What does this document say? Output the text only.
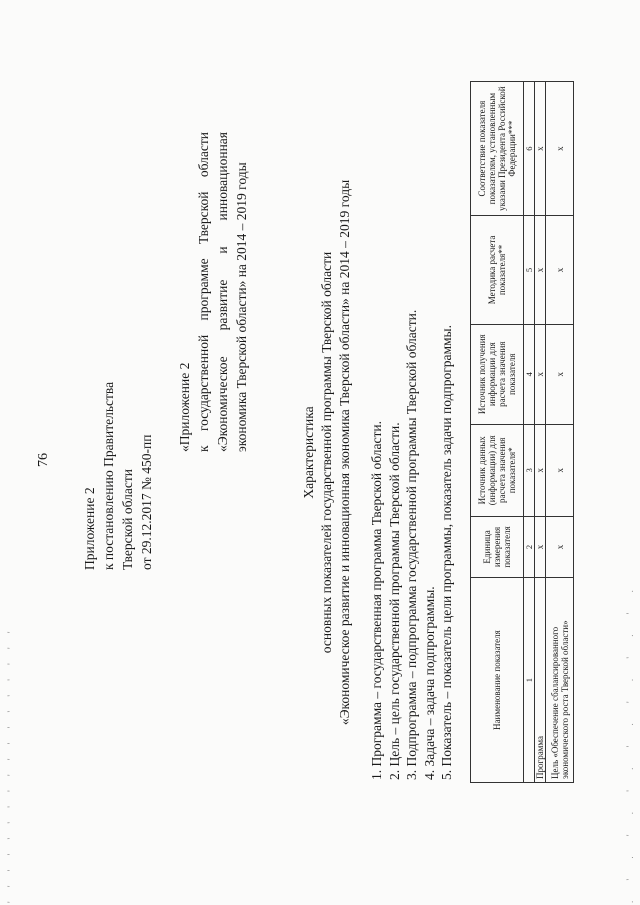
' ' ' ' ' ' ' ' ' ' ' ' ' ' ' ' ' '	. ' . ' . ' . ' . ' . ' . ' .
76
Приложение 2 к постановлению Правительства Тверской области от 29.12.2017 № 450-пп
«Приложение 2 к государственной программе Тверской области «Экономическое развитие и инновационная экономика Тверской области» на 2014 – 2019 годы
Характеристика основных показателей государственной программы Тверской области «Экономическое развитие и инновационная экономика Тверской области» на 2014 – 2019 годы 1. Программа – государственная программа Тверской области. 2. Цель – цель государственной программы Тверской области. 3. Подпрограмма – подпрограмма государственной программы Тверской области. 4. Задача – задача подпрограммы. 5. Показатель – показатель цели программы, показатель задачи подпрограммы.	Наименование показателя	Единица измерения показателя	Источник данных (информации) для расчета значения показателя*	Источник получения информации для расчета значения показателя	Методика расчета показателя**	Соответствие показателя показателям, установленным указами Президента Российской Федерации***
1	2	3	4	5	6
Программа	x	x	x	x	x
Цель «Обеспечение сбалансированного экономического роста Тверской области»	x	x	x	x	x
